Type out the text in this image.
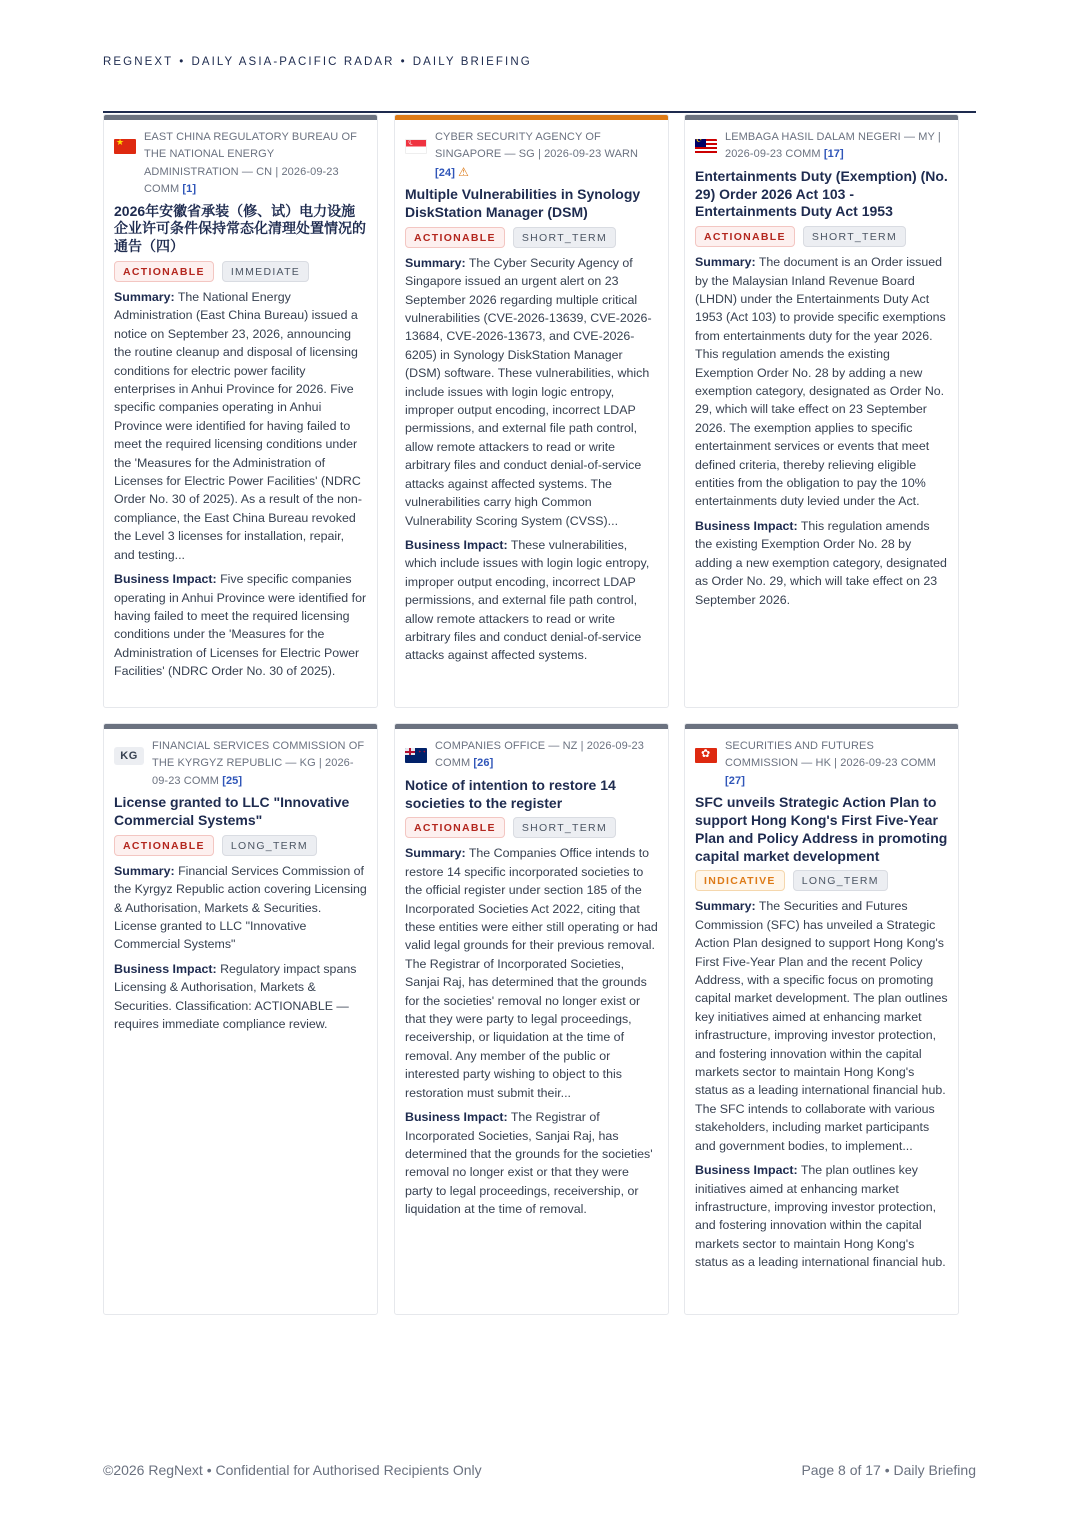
REGNEXT • DAILY ASIA-PACIFIC RADAR • DAILY BRIEFING
★
EAST CHINA REGULATORY BUREAU OF THE NATIONAL ENERGY ADMINISTRATION — CN | 2026-09-23 COMM [1]
2026年安徽省承装（修、试）电力设施企业许可条件保持常态化清理处置情况的通告（四）
ACTIONABLE	IMMEDIATE
Summary: The National Energy Administration (East China Bureau) issued a notice on September 23, 2026, announcing the routine cleanup and disposal of licensing conditions for electric power facility enterprises in Anhui Province for 2026. Five specific companies operating in Anhui Province were identified for having failed to meet the required licensing conditions under the 'Measures for the Administration of Licenses for Electric Power Facilities' (NDRC Order No. 30 of 2025). As a result of the non-compliance, the East China Bureau revoked the Level 3 licenses for installation, repair, and testing...
Business Impact: Five specific companies operating in Anhui Province were identified for having failed to meet the required licensing conditions under the 'Measures for the Administration of Licenses for Electric Power Facilities' (NDRC Order No. 30 of 2025).
☾
CYBER SECURITY AGENCY OF SINGAPORE — SG | 2026-09-23 WARN [24] ⚠
Multiple Vulnerabilities in Synology DiskStation Manager (DSM)
ACTIONABLE	SHORT_TERM
Summary: The Cyber Security Agency of Singapore issued an urgent alert on 23 September 2026 regarding multiple critical vulnerabilities (CVE-2026-13639, CVE-2026-13684, CVE-2026-13673, and CVE-2026-6205) in Synology DiskStation Manager (DSM) software. These vulnerabilities, which include issues with login logic entropy, improper output encoding, incorrect LDAP permissions, and external file path control, allow remote attackers to read or write arbitrary files and conduct denial-of-service attacks against affected systems. The vulnerabilities carry high Common Vulnerability Scoring System (CVSS)...
Business Impact: These vulnerabilities, which include issues with login logic entropy, improper output encoding, incorrect LDAP permissions, and external file path control, allow remote attackers to read or write arbitrary files and conduct denial-of-service attacks against affected systems.
☪
LEMBAGA HASIL DALAM NEGERI — MY | 2026-09-23 COMM [17]
Entertainments Duty (Exemption) (No. 29) Order 2026 Act 103 - Entertainments Duty Act 1953
ACTIONABLE	SHORT_TERM
Summary: The document is an Order issued by the Malaysian Inland Revenue Board (LHDN) under the Entertainments Duty Act 1953 (Act 103) to provide specific exemptions from entertainments duty for the year 2026. This regulation amends the existing Exemption Order No. 28 by adding a new exemption category, designated as Order No. 29, which will take effect on 23 September 2026. The exemption applies to specific entertainment services or events that meet defined criteria, thereby relieving eligible entities from the obligation to pay the 10% entertainments duty levied under the Act.
Business Impact: This regulation amends the existing Exemption Order No. 28 by adding a new exemption category, designated as Order No. 29, which will take effect on 23 September 2026.
KG
FINANCIAL SERVICES COMMISSION OF THE KYRGYZ REPUBLIC — KG | 2026-09-23 COMM [25]
License granted to LLC "Innovative Commercial Systems"
ACTIONABLE	LONG_TERM
Summary: Financial Services Commission of the Kyrgyz Republic action covering Licensing & Authorisation, Markets & Securities. License granted to LLC "Innovative Commercial Systems"
Business Impact: Regulatory impact spans Licensing & Authorisation, Markets & Securities. Classification: ACTIONABLE — requires immediate compliance review.
✦ ✦
COMPANIES OFFICE — NZ | 2026-09-23 COMM [26]
Notice of intention to restore 14 societies to the register
ACTIONABLE	SHORT_TERM
Summary: The Companies Office intends to restore 14 specific incorporated societies to the official register under section 185 of the Incorporated Societies Act 2022, citing that these entities were either still operating or had valid legal grounds for their previous removal. The Registrar of Incorporated Societies, Sanjai Raj, has determined that the grounds for the societies' removal no longer exist or that they were party to legal proceedings, receivership, or liquidation at the time of removal. Any member of the public or interested party wishing to object to this restoration must submit their...
Business Impact: The Registrar of Incorporated Societies, Sanjai Raj, has determined that the grounds for the societies' removal no longer exist or that they were party to legal proceedings, receivership, or liquidation at the time of removal.
✿
SECURITIES AND FUTURES COMMISSION — HK | 2026-09-23 COMM [27]
SFC unveils Strategic Action Plan to support Hong Kong's First Five-Year Plan and Policy Address in promoting capital market development
INDICATIVE	LONG_TERM
Summary: The Securities and Futures Commission (SFC) has unveiled a Strategic Action Plan designed to support Hong Kong's First Five-Year Plan and the recent Policy Address, with a specific focus on promoting capital market development. The plan outlines key initiatives aimed at enhancing market infrastructure, improving investor protection, and fostering innovation within the capital markets sector to maintain Hong Kong's status as a leading international financial hub. The SFC intends to collaborate with various stakeholders, including market participants and government bodies, to implement...
Business Impact: The plan outlines key initiatives aimed at enhancing market infrastructure, improving investor protection, and fostering innovation within the capital markets sector to maintain Hong Kong's status as a leading international financial hub.
©2026 RegNext • Confidential for Authorised Recipients Only	Page 8 of 17 • Daily Briefing
